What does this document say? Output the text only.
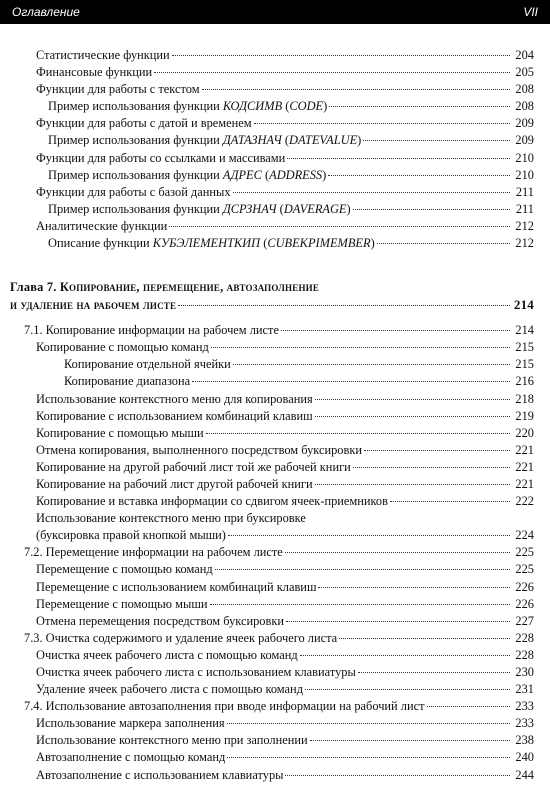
Оглавление	VII
Статистические функции	204
Финансовые функции	205
Функции для работы с текстом	208
Пример использования функции КОДСИМВ (CODE)	208
Функции для работы с датой и временем	209
Пример использования функции ДАТАЗНАЧ (DATEVALUE)	209
Функции для работы со ссылками и массивами	210
Пример использования функции АДРЕС (ADDRESS)	210
Функции для работы с базой данных	211
Пример использования функции ДСРЗНАЧ (DAVERAGE)	211
Аналитические функции	212
Описание функции КУБЭЛЕМЕНТКИП (CUBEKPIMEMBER)	212
Глава 7. Копирование, перемещение, автозаполнение
и удаление на рабочем листе	214
7.1. Копирование информации на рабочем листе	214
Копирование с помощью команд	215
Копирование отдельной ячейки	215
Копирование диапазона	216
Использование контекстного меню для копирования	218
Копирование с использованием комбинаций клавиш	219
Копирование с помощью мыши	220
Отмена копирования, выполненного посредством буксировки	221
Копирование на другой рабочий лист той же рабочей книги	221
Копирование на рабочий лист другой рабочей книги	221
Копирование и вставка информации со сдвигом ячеек-приемников	222
Использование контекстного меню при буксировке
(буксировка правой кнопкой мыши)	224
7.2. Перемещение информации на рабочем листе	225
Перемещение с помощью команд	225
Перемещение с использованием комбинаций клавиш	226
Перемещение с помощью мыши	226
Отмена перемещения посредством буксировки	227
7.3. Очистка содержимого и удаление ячеек рабочего листа	228
Очистка ячеек рабочего листа с помощью команд	228
Очистка ячеек рабочего листа с использованием клавиатуры	230
Удаление ячеек рабочего листа с помощью команд	231
7.4. Использование автозаполнения при вводе информации на рабочий лист	233
Использование маркера заполнения	233
Использование контекстного меню при заполнении	238
Автозаполнение с помощью команд	240
Автозаполнение с использованием клавиатуры	244
